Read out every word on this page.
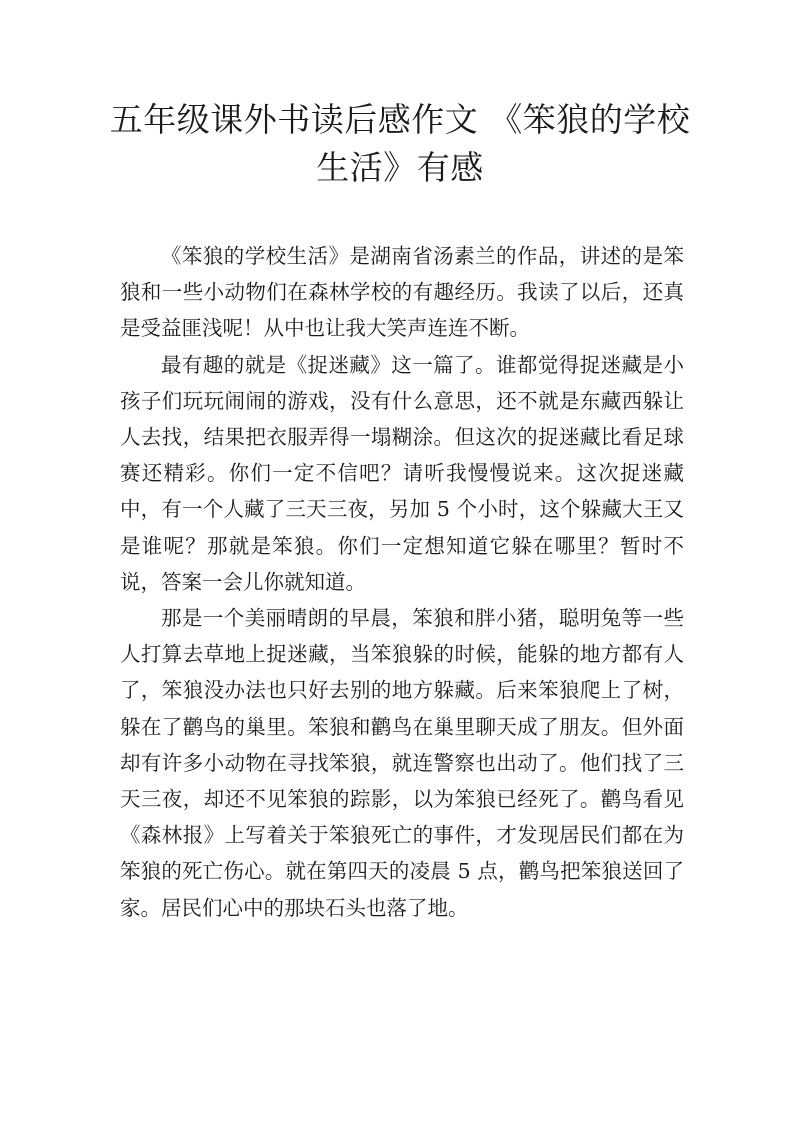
五年级课外书读后感作文 《笨狼的学校生活》有感

《笨狼的学校生活》是湖南省汤素兰的作品，讲述的是笨狼和一些小动物们在森林学校的有趣经历。我读了以后，还真是受益匪浅呢！从中也让我大笑声连连不断。

最有趣的就是《捉迷藏》这一篇了。谁都觉得捉迷藏是小孩子们玩玩闹闹的游戏，没有什么意思，还不就是东藏西躲让人去找，结果把衣服弄得一塌糊涂。但这次的捉迷藏比看足球赛还精彩。你们一定不信吧？请听我慢慢说来。这次捉迷藏中，有一个人藏了三天三夜，另加 5 个小时，这个躲藏大王又是谁呢？那就是笨狼。你们一定想知道它躲在哪里？暂时不说，答案一会儿你就知道。

那是一个美丽晴朗的早晨，笨狼和胖小猪，聪明兔等一些人打算去草地上捉迷藏，当笨狼躲的时候，能躲的地方都有人了，笨狼没办法也只好去别的地方躲藏。后来笨狼爬上了树，躲在了鹳鸟的巢里。笨狼和鹳鸟在巢里聊天成了朋友。但外面却有许多小动物在寻找笨狼，就连警察也出动了。他们找了三天三夜，却还不见笨狼的踪影，以为笨狼已经死了。鹳鸟看见《森林报》上写着关于笨狼死亡的事件，才发现居民们都在为笨狼的死亡伤心。就在第四天的凌晨 5 点，鹳鸟把笨狼送回了家。居民们心中的那块石头也落了地。
